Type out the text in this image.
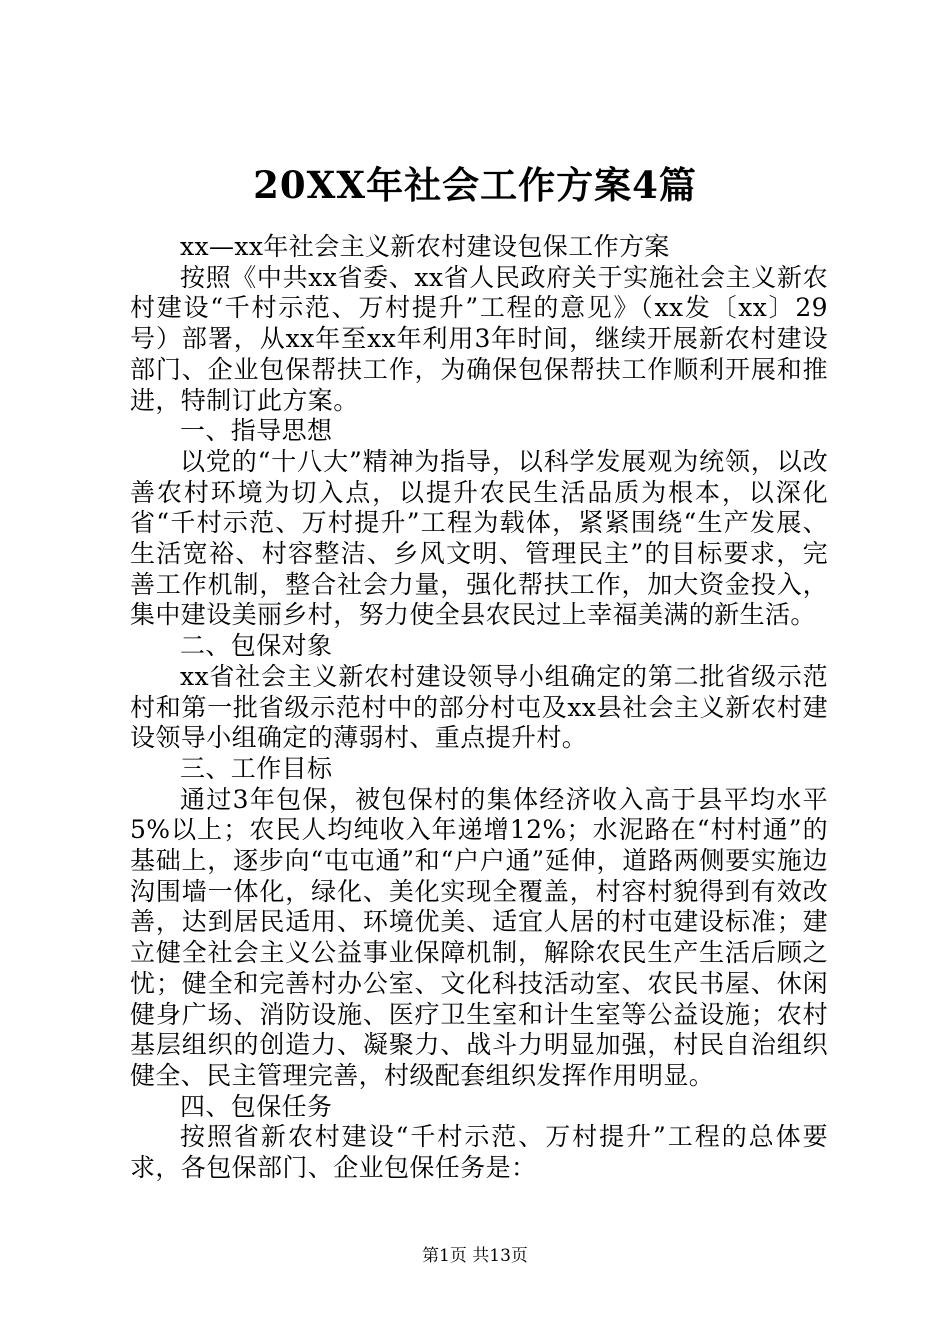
20XX年社会工作方案4篇

xx—xx年社会主义新农村建设包保工作方案

按照《中共xx省委、xx省人民政府关于实施社会主义新农村建设“千村示范、万村提升”工程的意见》（xx发〔xx〕29号）部署，从xx年至xx年利用3年时间，继续开展新农村建设部门、企业包保帮扶工作，为确保包保帮扶工作顺利开展和推进，特制订此方案。

一、指导思想

以党的“十八大”精神为指导，以科学发展观为统领，以改善农村环境为切入点，以提升农民生活品质为根本，以深化省“千村示范、万村提升”工程为载体，紧紧围绕“生产发展、生活宽裕、村容整洁、乡风文明、管理民主”的目标要求，完善工作机制，整合社会力量，强化帮扶工作，加大资金投入，集中建设美丽乡村，努力使全县农民过上幸福美满的新生活。

二、包保对象

xx省社会主义新农村建设领导小组确定的第二批省级示范村和第一批省级示范村中的部分村屯及xx县社会主义新农村建设领导小组确定的薄弱村、重点提升村。

三、工作目标

通过3年包保，被包保村的集体经济收入高于县平均水平5%以上；农民人均纯收入年递增12%；水泥路在“村村通”的基础上，逐步向“屯屯通”和“户户通”延伸，道路两侧要实施边沟围墙一体化，绿化、美化实现全覆盖，村容村貌得到有效改善，达到居民适用、环境优美、适宜人居的村屯建设标准；建立健全社会主义公益事业保障机制，解除农民生产生活后顾之忧；健全和完善村办公室、文化科技活动室、农民书屋、休闲健身广场、消防设施、医疗卫生室和计生室等公益设施；农村基层组织的创造力、凝聚力、战斗力明显加强，村民自治组织健全、民主管理完善，村级配套组织发挥作用明显。

四、包保任务

按照省新农村建设“千村示范、万村提升”工程的总体要求，各包保部门、企业包保任务是：

第1页 共13页
